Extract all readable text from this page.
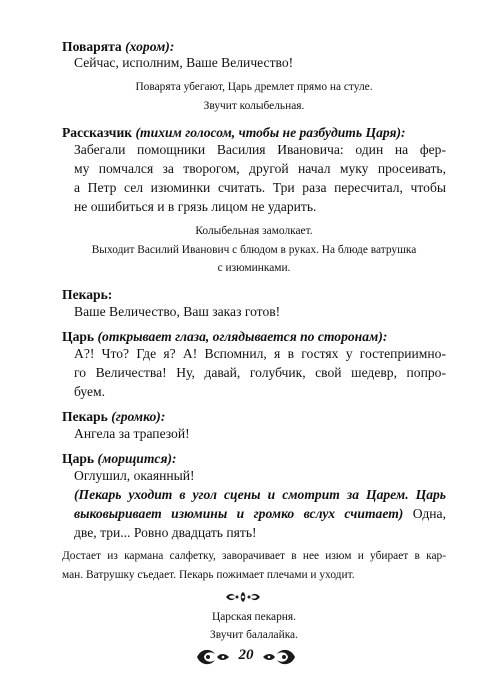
Поварята (хором):
Сейчас, исполним, Ваше Величество!
Поварята убегают, Царь дремлет прямо на стуле.
Звучит колыбельная.
Рассказчик (тихим голосом, чтобы не разбудить Царя):
Забегали помощники Василия Ивановича: один на фер-
му помчался за творогом, другой начал муку просеивать,
а Петр сел изюминки считать. Три раза пересчитал, чтобы
не ошибиться и в грязь лицом не ударить.
Колыбельная замолкает.
Выходит Василий Иванович с блюдом в руках. На блюде ватрушка
с изюминками.
Пекарь:
Ваше Величество, Ваш заказ готов!
Царь (открывает глаза, оглядывается по сторонам):
А?! Что? Где я? А! Вспомнил, я в гостях у гостеприимно-
го Величества! Ну, давай, голубчик, свой шедевр, попро-
буем.
Пекарь (громко):
Ангела за трапезой!
Царь (морщится):
Оглушил, окаянный!
(Пекарь уходит в угол сцены и смотрит за Царем. Царь
выковыривает изюмины и громко вслух считает) Одна,
две, три... Ровно двадцать пять!
Достает из кармана салфетку, заворачивает в нее изюм и убирает в кар-
ман. Ватрушку съедает. Пекарь пожимает плечами и уходит.
Царская пекарня.
Звучит балалайка.
20
